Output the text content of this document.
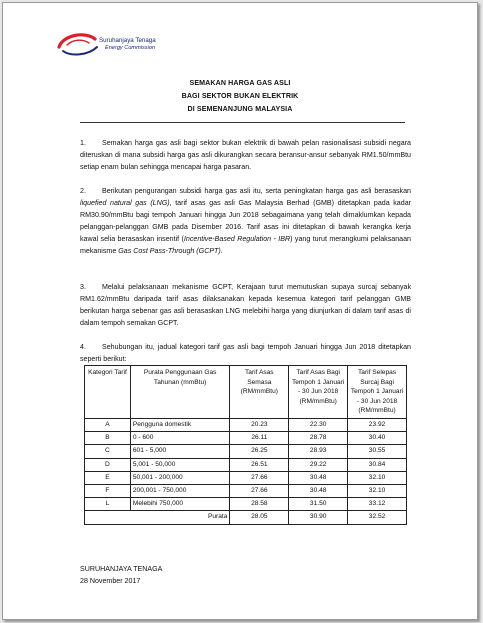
Suruhanjaya Tenaga
Energy Commission
SEMAKAN HARGA GAS ASLI
BAGI SEKTOR BUKAN ELEKTRIK
DI SEMENANJUNG MALAYSIA
1. Semakan harga gas asli bagi sektor bukan elektrik di bawah pelan rasionalisasi subsidi negara diteruskan di mana subsidi harga gas asli dikurangkan secara beransur-ansur sebanyak RM1.50/mmBtu setiap enam bulan sehingga mencapai harga pasaran.
2. Berikutan pengurangan subsidi harga gas asli itu, serta peningkatan harga gas asli berasaskan liquefied natural gas (LNG), tarif asas gas asli Gas Malaysia Berhad (GMB) ditetapkan pada kadar RM30.90/mmBtu bagi tempoh Januari hingga Jun 2018 sebagaimana yang telah dimaklumkan kepada pelanggan-pelanggan GMB pada Disember 2016. Tarif asas ini ditetapkan di bawah kerangka kerja kawal selia berasaskan insentif (Incentive-Based Regulation - IBR) yang turut merangkumi pelaksanaan mekanisme Gas Cost Pass-Through (GCPT).
3. Melalui pelaksanaan mekanisme GCPT, Kerajaan turut memutuskan supaya surcaj sebanyak RM1.62/mmBtu daripada tarif asas dilaksanakan kepada kesemua kategori tarif pelanggan GMB berikutan harga sebenar gas asli berasaskan LNG melebihi harga yang diunjurkan di dalam tarif asas di dalam tempoh semakan GCPT.
4. Sehubungan itu, jadual kategori tarif gas asli bagi tempoh Januari hingga Jun 2018 ditetapkan seperti berikut:
Kategori Tarif	Purata Penggunaan Gas Tahunan (mmBtu)	Tarif Asas Semasa (RM/mmBtu)	Tarif Asas Bagi Tempoh 1 Januari - 30 Jun 2018 (RM/mmBtu)	Tarif Selepas Surcaj Bagi Tempoh 1 Januari - 30 Jun 2018 (RM/mmBtu)
A	Pengguna domestik	20.23	22.30	23.92
B	0 - 600	26.11	28.78	30.40
C	601 - 5,000	26.25	28.93	30.55
D	5,001 - 50,000	26.51	29.22	30.84
E	50,001 - 200,000	27.66	30.48	32.10
F	200,001 - 750,000	27.66	30.48	32.10
L	Melebihi 750,000	28.58	31.50	33.12
Purata		28.05	30.90	32.52
SURUHANJAYA TENAGA
28 November 2017
